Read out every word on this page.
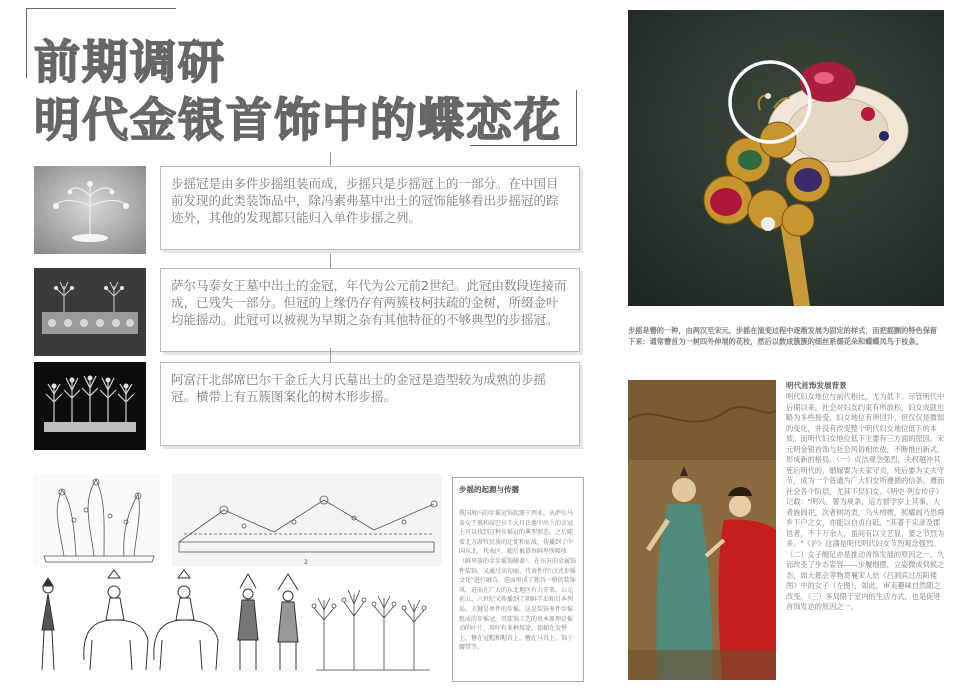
前期调研
明代金银首饰中的蝶恋花

步摇冠是由多件步摇组装而成，步摇只是步摇冠上的一部分。在中国目前发现的此类装饰品中，除冯素弗墓中出土的冠饰能够看出步摇冠的踪迹外，其他的发现都只能归入单件步摇之列。

萨尔马泰女王墓中出土的金冠，年代为公元前2世纪。此冠由数段连接而成，已残失一部分。但冠的上缘仍存有两簇枝柯扶疏的金树，所缀金叶均能摇动。此冠可以被视为早期之杂有其他特征的不够典型的步摇冠。

阿富汗北部席巴尔干金丘大月氏墓出土的金冠是造型较为成熟的步摇冠。横带上有五簇图案化的树木形步摇。

2
步摇的起源与传播

我国境内的步摇冠饰起源于西亚。从萨尔马泰女王墓和席巴尔干大月氏墓中出土的金冠上可以找到这种步摇冠的典型形态。之后随着北方游牧民族的迁徙和征战，传播到了中国东北。代表区，随后被慕容鲜卑所吸收（鲜卑族的金步摇饰颇著）、在东方的金属饰件装饰，又通过高句丽、代表性的"汉式步摇文化"进行融合，进而形成了独具一格的装饰风。进而在广大的东北地区有力开来。公元前五、六世纪又传播到了朝鲜半岛和日本列岛。关键是单件的步摇，这是装饰多件步摇组成的步摇冠，其装饰工艺的基本原理是摇动的叶片，用叶有多种用途，如插在发髻上，簪在冠帽和帽首上，簪在马具上，饰于腰带等。

步摇是簪的一种，由两汉至宋元，步摇在演变过程中逐渐发展为固定的样式，而把摇颤的特色保留下来：通常簪首为一树四外伸展的花枝，然后以数成簇簇的细丝系缀花朵和蝶蝶凤鸟于枝条。
明代首饰发展背景

明代妇女地位与前代相比，尤为低下。尽管明代中后期以来，社会对妇女约束有所放松，妇女成就也略为多些接受，妇女地位有所回升，但仅仅是微弱的变化，并没有改变整个明代妇女地位低下的本质。而明代妇女地位低下主要有三方面的原因。宋元明金银首饰与社会风俗相依侬，不断推出新式，形成新的格局。（一）贞洁观念强烈，夫权越冲其死后明代的，婚嫁要为夫家守贞，死后要为丈夫守节，成为一个普通为广大妇女所遵循的信条。遵而社会各个阶层，尤其下层妇女。《明史·列女传序》记载："明兴，著为规条，巡方督学岁上其事，大者旌闾祀，次者树坊表，乌头绰楔，照耀闾乃恐舜乡下户之女，亦能以自贞自砥。"其著于实录及郡邑者，不下万余人，虽间有以文艺显，要之节烈为多。"《沪》这满是明代明代妇女节烈观念强烈。（二）女子缠足亦是推动首饰发展的原因之一。久而改变了步态姿容——步履细摆，立姿微成伺候之态，如大都会等物贯襄宋人给《吕洞宾过岳阳楼图》中的女子（左图），如此，审美趣味自然随之改变。（三）多局限于室内的生活方式，也是促进首饰发达的原因之一。
